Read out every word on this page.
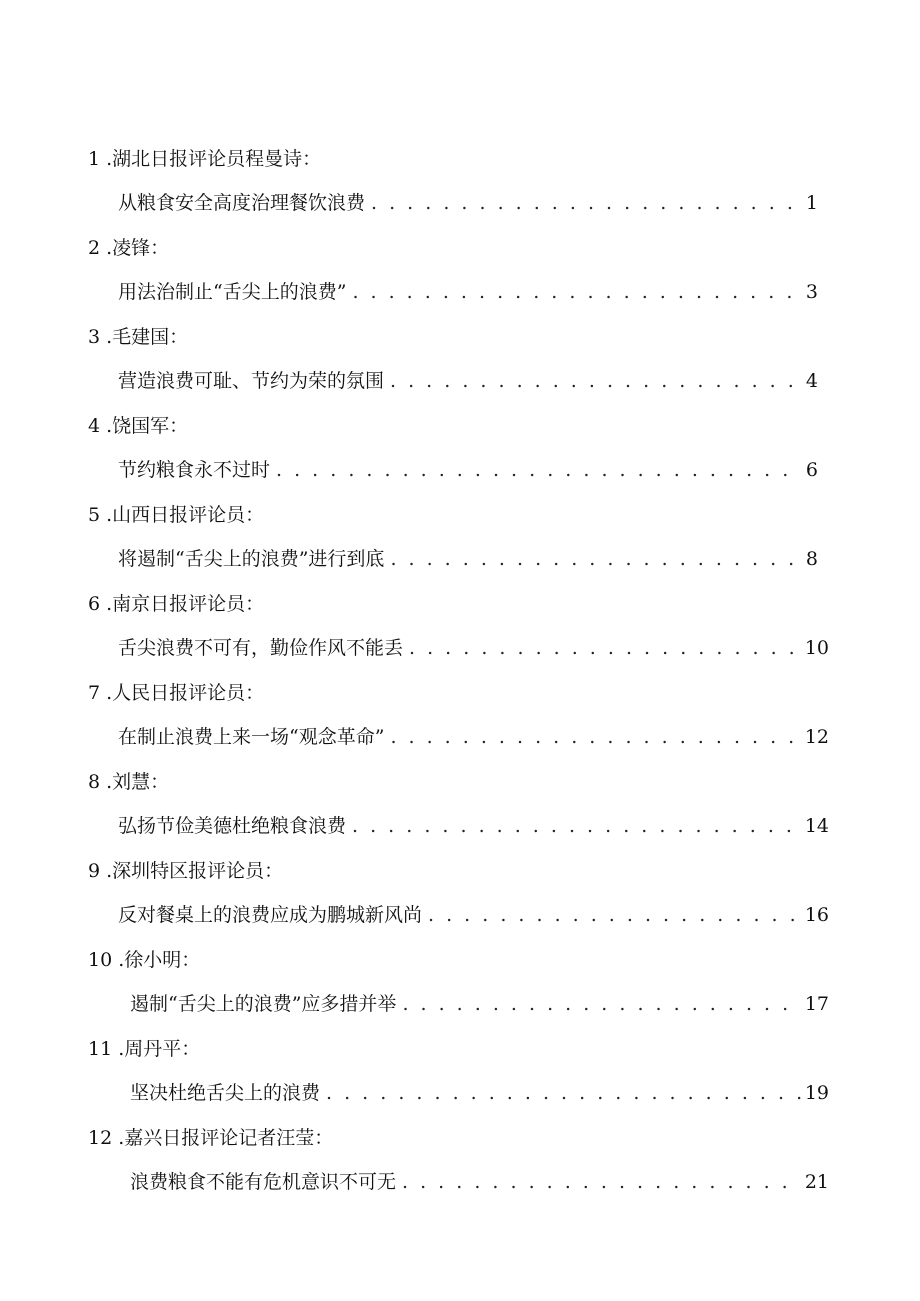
1 .湖北日报评论员程曼诗：
从粮食安全高度治理餐饮浪费 . . .	1
2 .凌锋：
用法治制止“舌尖上的浪费” . . .	3
3 .毛建国：
营造浪费可耻、节约为荣的氛围 . . .	4
4 .饶国军：
节约粮食永不过时 . . .	6
5 .山西日报评论员：
将遏制“舌尖上的浪费”进行到底 . . .	8
6 .南京日报评论员：
舌尖浪费不可有，勤俭作风不能丢 . . .	10
7 .人民日报评论员：
在制止浪费上来一场“观念革命” . . .	12
8 .刘慧：
弘扬节俭美德杜绝粮食浪费 . . .	14
9 .深圳特区报评论员：
反对餐桌上的浪费应成为鹏城新风尚 . . .	16
10 .徐小明：
遏制“舌尖上的浪费”应多措并举 . . .	17
11 .周丹平：
坚决杜绝舌尖上的浪费 . . .	19
12 .嘉兴日报评论记者汪莹：
浪费粮食不能有危机意识不可无 . . .	21
